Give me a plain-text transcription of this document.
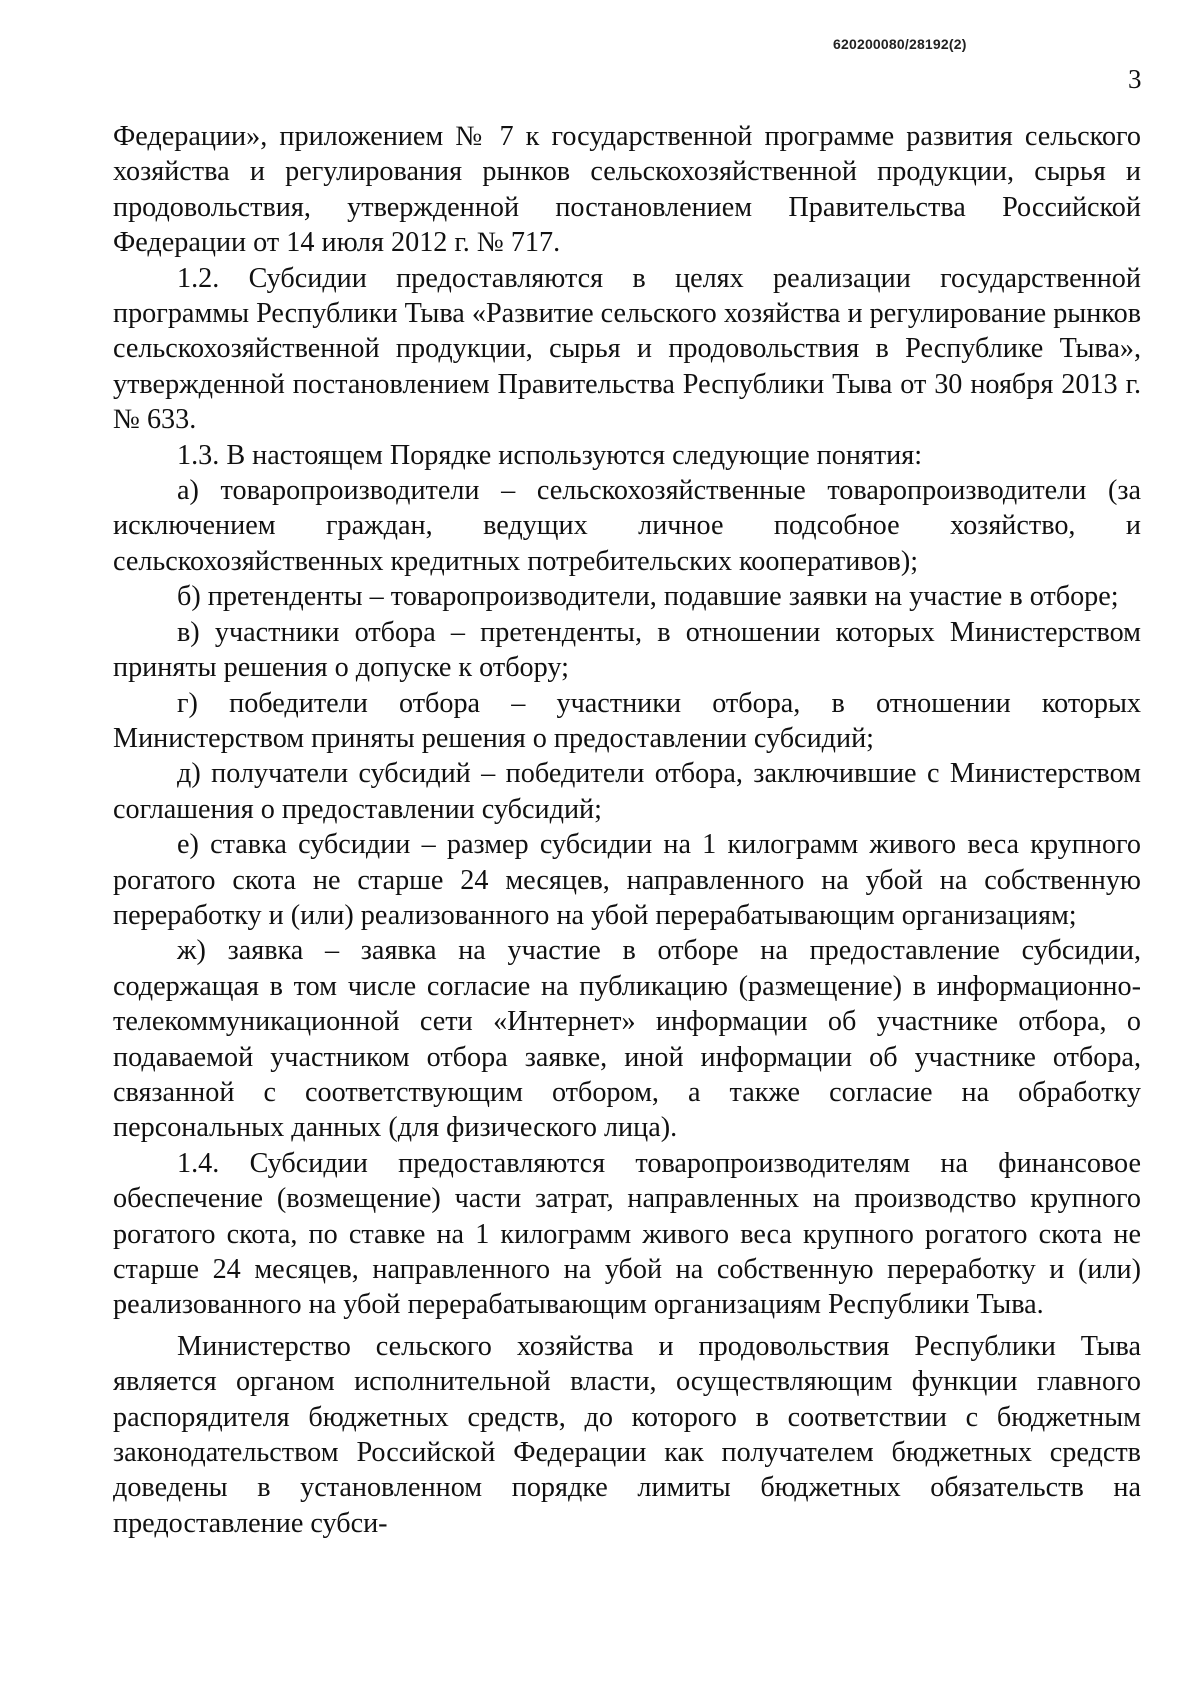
620200080/28192(2)
3

Федерации», приложением № 7 к государственной программе развития сельского хозяйства и регулирования рынков сельскохозяйственной продукции, сырья и продовольствия, утвержденной постановлением Правительства Российской Федерации от 14 июля 2012 г. № 717.

1.2. Субсидии предоставляются в целях реализации государственной программы Республики Тыва «Развитие сельского хозяйства и регулирование рынков сельскохозяйственной продукции, сырья и продовольствия в Республике Тыва», утвержденной постановлением Правительства Республики Тыва от 30 ноября 2013 г. № 633.

1.3. В настоящем Порядке используются следующие понятия:

а) товаропроизводители – сельскохозяйственные товаропроизводители (за исключением граждан, ведущих личное подсобное хозяйство, и сельскохозяйственных кредитных потребительских кооперативов);

б) претенденты – товаропроизводители, подавшие заявки на участие в отборе;

в) участники отбора – претенденты, в отношении которых Министерством приняты решения о допуске к отбору;

г) победители отбора – участники отбора, в отношении которых Министерством приняты решения о предоставлении субсидий;

д) получатели субсидий – победители отбора, заключившие с Министерством соглашения о предоставлении субсидий;

е) ставка субсидии – размер субсидии на 1 килограмм живого веса крупного рогатого скота не старше 24 месяцев, направленного на убой на собственную переработку и (или) реализованного на убой перерабатывающим организациям;

ж) заявка – заявка на участие в отборе на предоставление субсидии, содержащая в том числе согласие на публикацию (размещение) в информационно-телекоммуникационной сети «Интернет» информации об участнике отбора, о подаваемой участником отбора заявке, иной информации об участнике отбора, связанной с соответствующим отбором, а также согласие на обработку персональных данных (для физического лица).

1.4. Субсидии предоставляются товаропроизводителям на финансовое обеспечение (возмещение) части затрат, направленных на производство крупного рогатого скота, по ставке на 1 килограмм живого веса крупного рогатого скота не старше 24 месяцев, направленного на убой на собственную переработку и (или) реализованного на убой перерабатывающим организациям Республики Тыва.

Министерство сельского хозяйства и продовольствия Республики Тыва является органом исполнительной власти, осуществляющим функции главного распорядителя бюджетных средств, до которого в соответствии с бюджетным законодательством Российской Федерации как получателем бюджетных средств доведены в установленном порядке лимиты бюджетных обязательств на предоставление субси-
